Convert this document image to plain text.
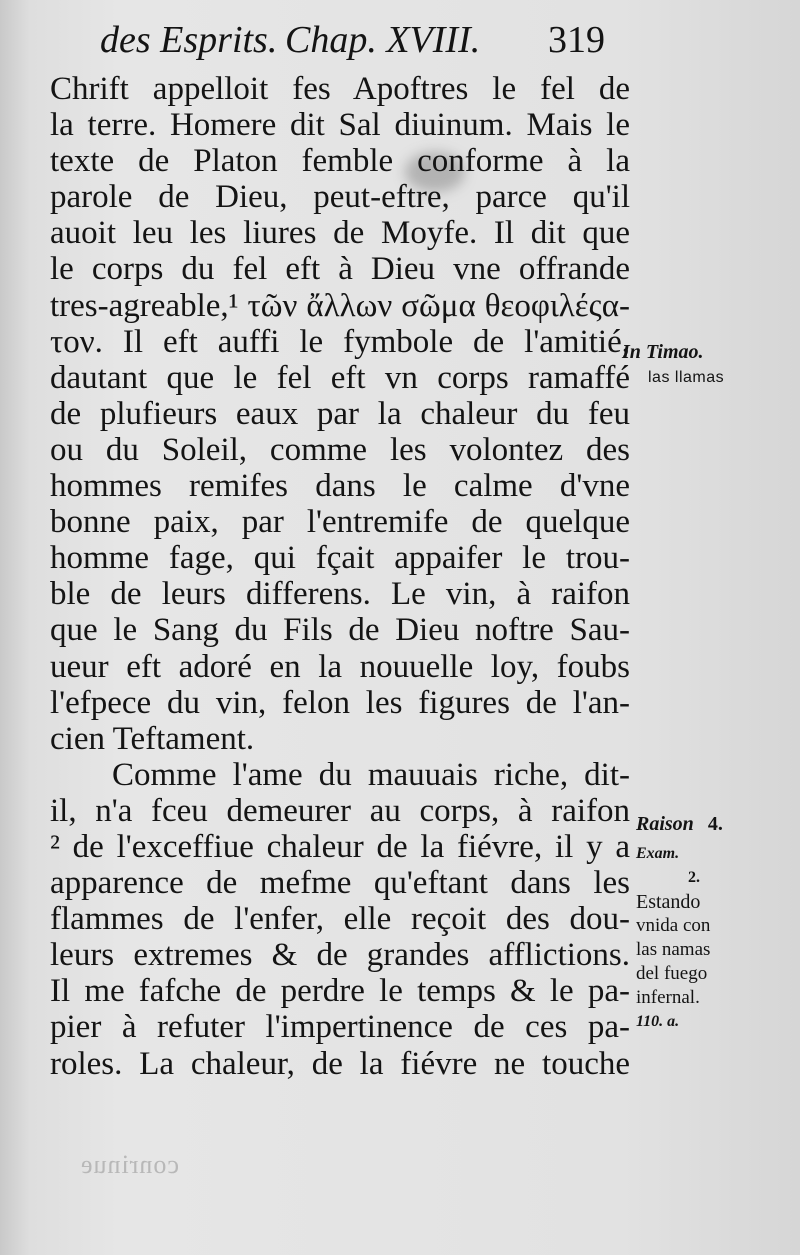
des Esprits. Chap. XVIII. 319
Chrift appelloit fes Apoftres le fel de
la terre. Homere dit Sal diuinum. Mais le
texte de Platon femble conforme à la
parole de Dieu, peut-eftre, parce qu'il
auoit leu les liures de Moyfe. Il dit que
le corps du fel eft à Dieu vne offrande
tres-agreable,¹ τῶν ἄλλων σῶμα θεοφιλέςα-
τον. Il eft auffi le fymbole de l'amitié,
dautant que le fel eft vn corps ramaffé
de plufieurs eaux par la chaleur du feu
ou du Soleil, comme les volontez des
hommes remifes dans le calme d'vne
bonne paix, par l'entremife de quelque
homme fage, qui fçait appaifer le trou-
ble de leurs differens. Le vin, à raifon
que le Sang du Fils de Dieu noftre Sau-
ueur eft adoré en la nouuelle loy, foubs
l'efpece du vin, felon les figures de l'an-
cien Teftament.
Comme l'ame du mauuais riche, dit-
il, n'a fceu demeurer au corps, à raifon
² de l'exceffiue chaleur de la fiévre, il y a
apparence de mefme qu'eftant dans les
flammes de l'enfer, elle reçoit des dou-
leurs extremes & de grandes afflictions.
Il me fafche de perdre le temps & le pa-
pier à refuter l'impertinence de ces pa-
roles. La chaleur, de la fiévre ne touche
In Timao.
las llamas
Raison 4.
Exam.
2.
Estando
vnida con
las namas
del fuego
infernal.
110. a.
conrinue
